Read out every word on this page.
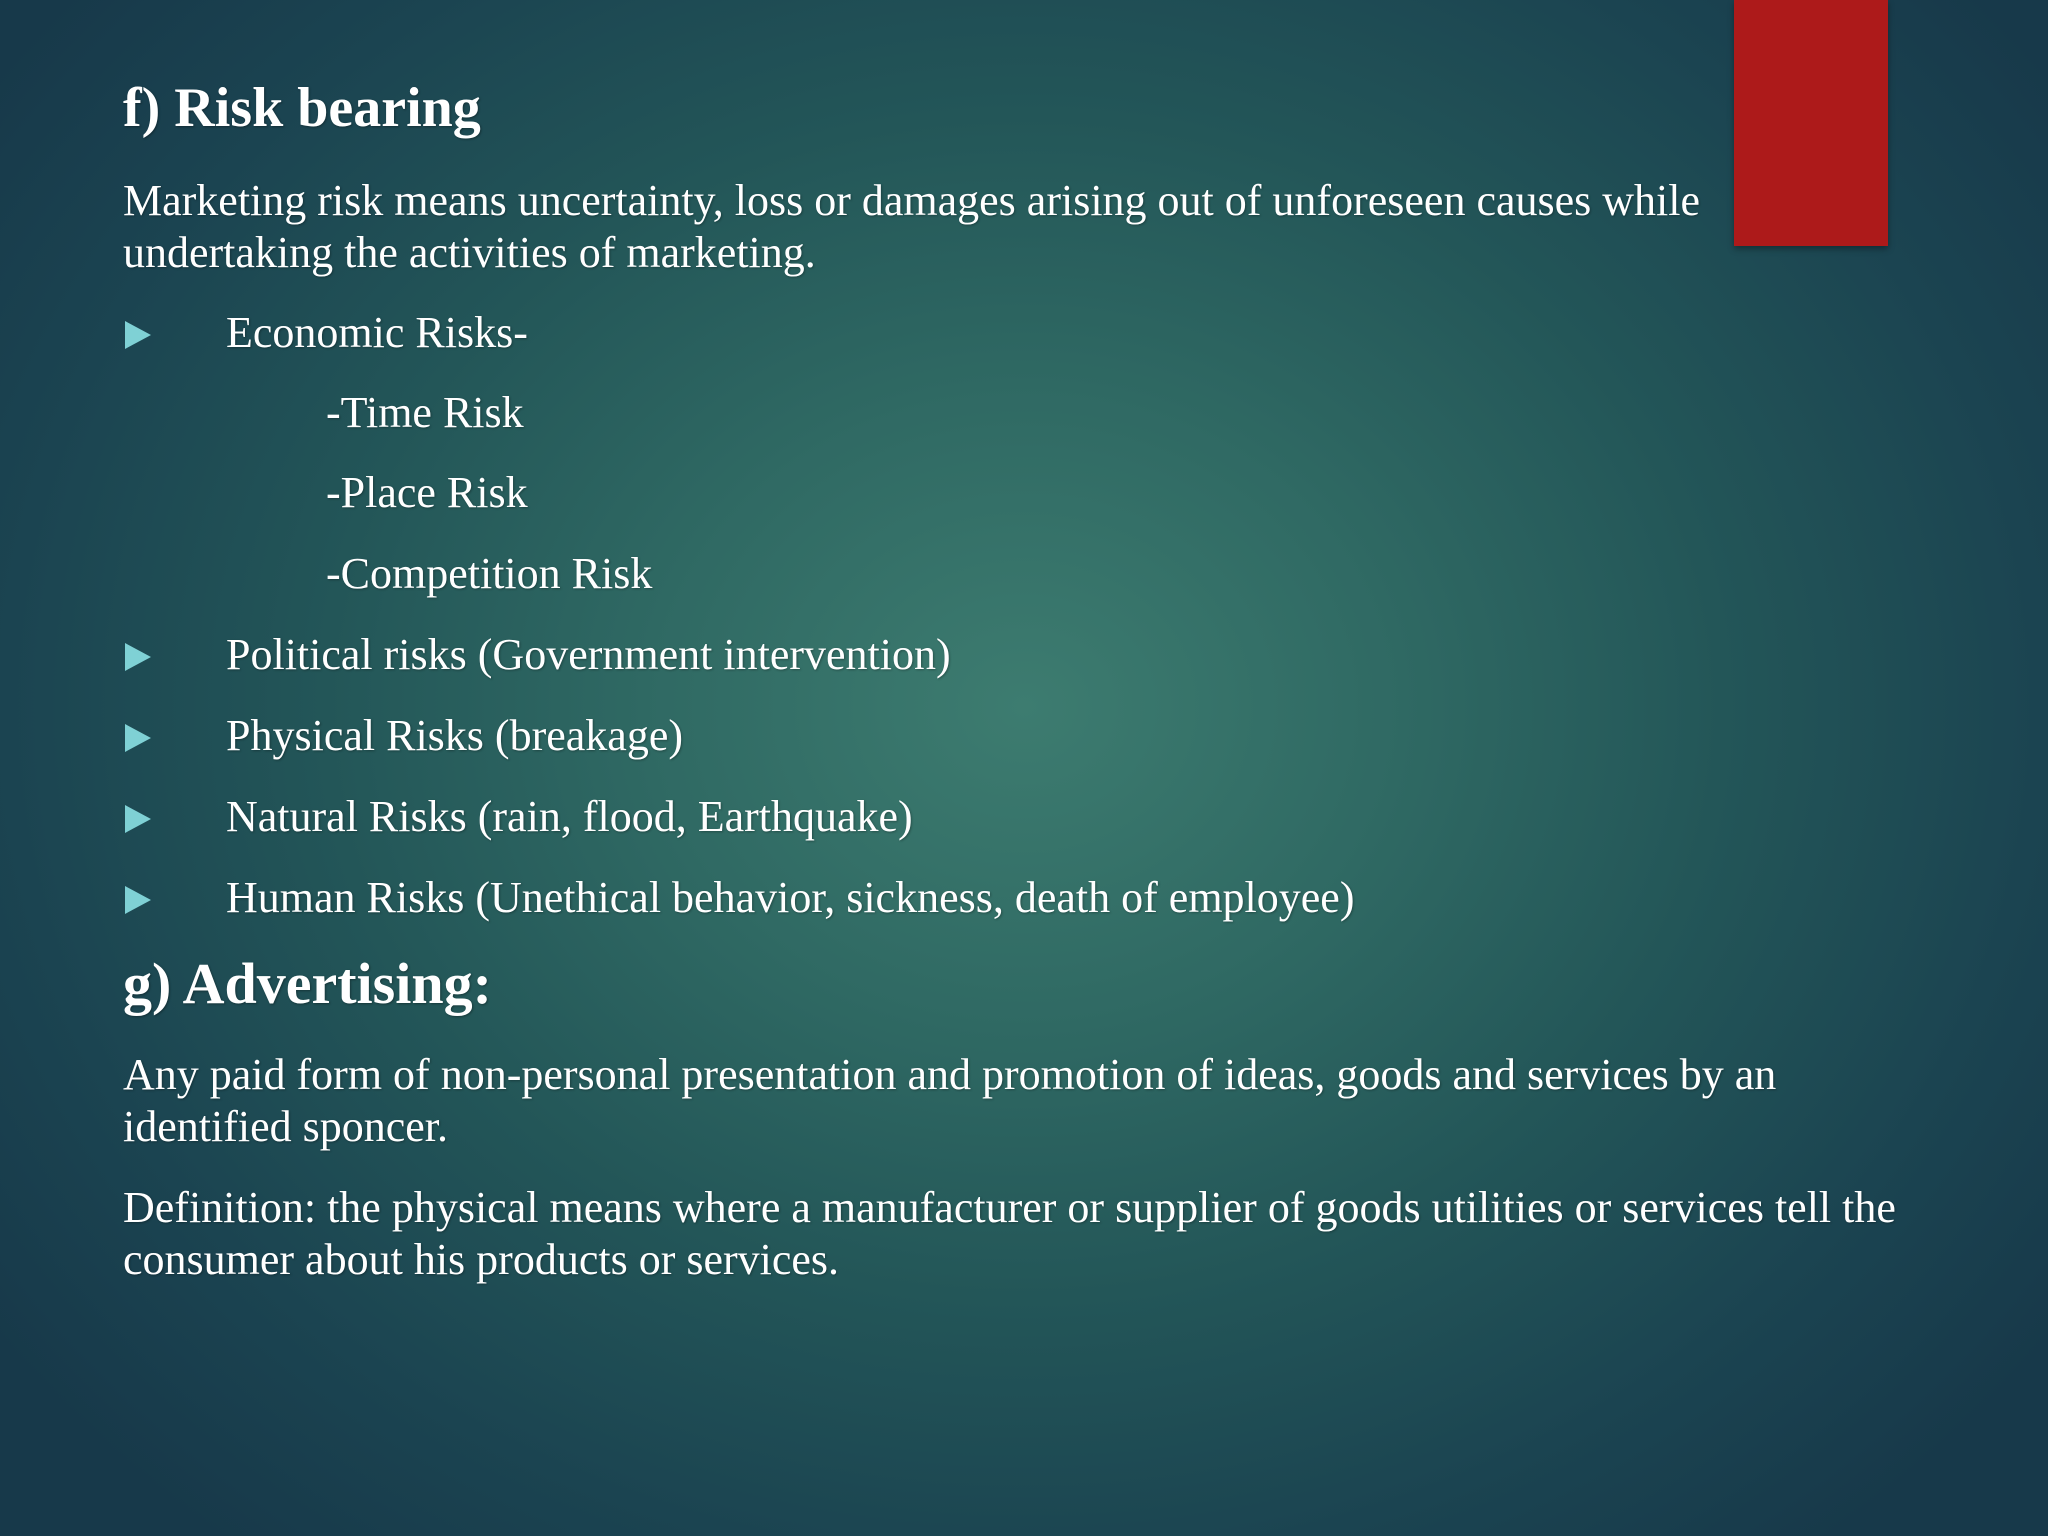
f) Risk bearing

Marketing risk means uncertainty, loss or damages arising out of unforeseen causes while undertaking the activities of marketing.

Economic Risks-
-Time Risk
-Place Risk
-Competition Risk
Political risks (Government intervention)
Physical Risks (breakage)
Natural Risks (rain, flood, Earthquake)
Human Risks (Unethical behavior, sickness, death of employee)
g) Advertising:

Any paid form of non-personal presentation and promotion of ideas, goods and services by an identified sponcer.

Definition: the physical means where a manufacturer or supplier of goods utilities or services tell the consumer about his products or services.
